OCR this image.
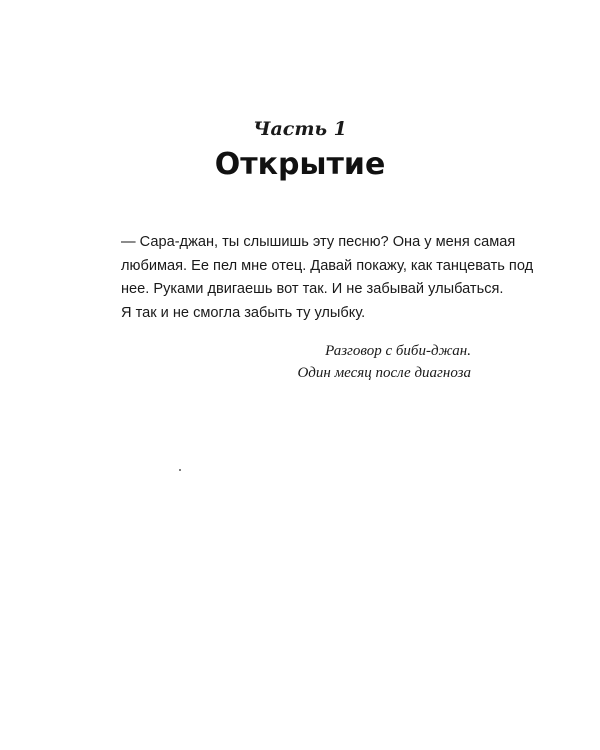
Часть 1
Открытие
— Сара-джан, ты слышишь эту песню? Она у меня самая
любимая. Ее пел мне отец. Давай покажу, как танцевать под
нее. Руками двигаешь вот так. И не забывай улыбаться.
Я так и не смогла забыть ту улыбку.
Разговор с биби-джан.
Один месяц после диагноза
